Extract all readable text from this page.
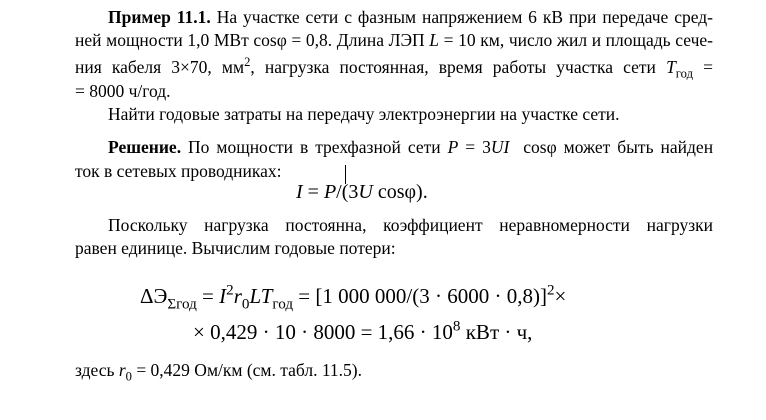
Пример 11.1. На участке сети с фазным напряжением 6 кВ при передаче сред-
ней мощности 1,0 МВт cosφ = 0,8. Длина ЛЭП L = 10 км, число жил и площадь сече-
ния кабеля 3×70, $мм^2$, нагрузка постоянная, время работы участка сети $T_{год}$ =
= 8000 ч/год.
Найти годовые затраты на передачу электроэнергии на участке сети.
Решение. По мощности в трехфазной сети P = 3UI cosφ может быть найден
ток в сетевых проводниках:
I = P/(3U cosφ).
Поскольку нагрузка постоянна, коэффициент неравномерности нагрузки
равен единице. Вычислим годовые потери:
$\Delta Э_{\Sigma год} = I^2r_0LT_{год} = [1$ 000 000/(3 · 6000 · 0,8)]$^2$×
× $0,429 \cdot 10 \cdot 8000 = 1,66 \cdot 10^8$ кВт · ч,
здесь $r_0 = 0,429$ Ом/км (см. табл. 11.5).
